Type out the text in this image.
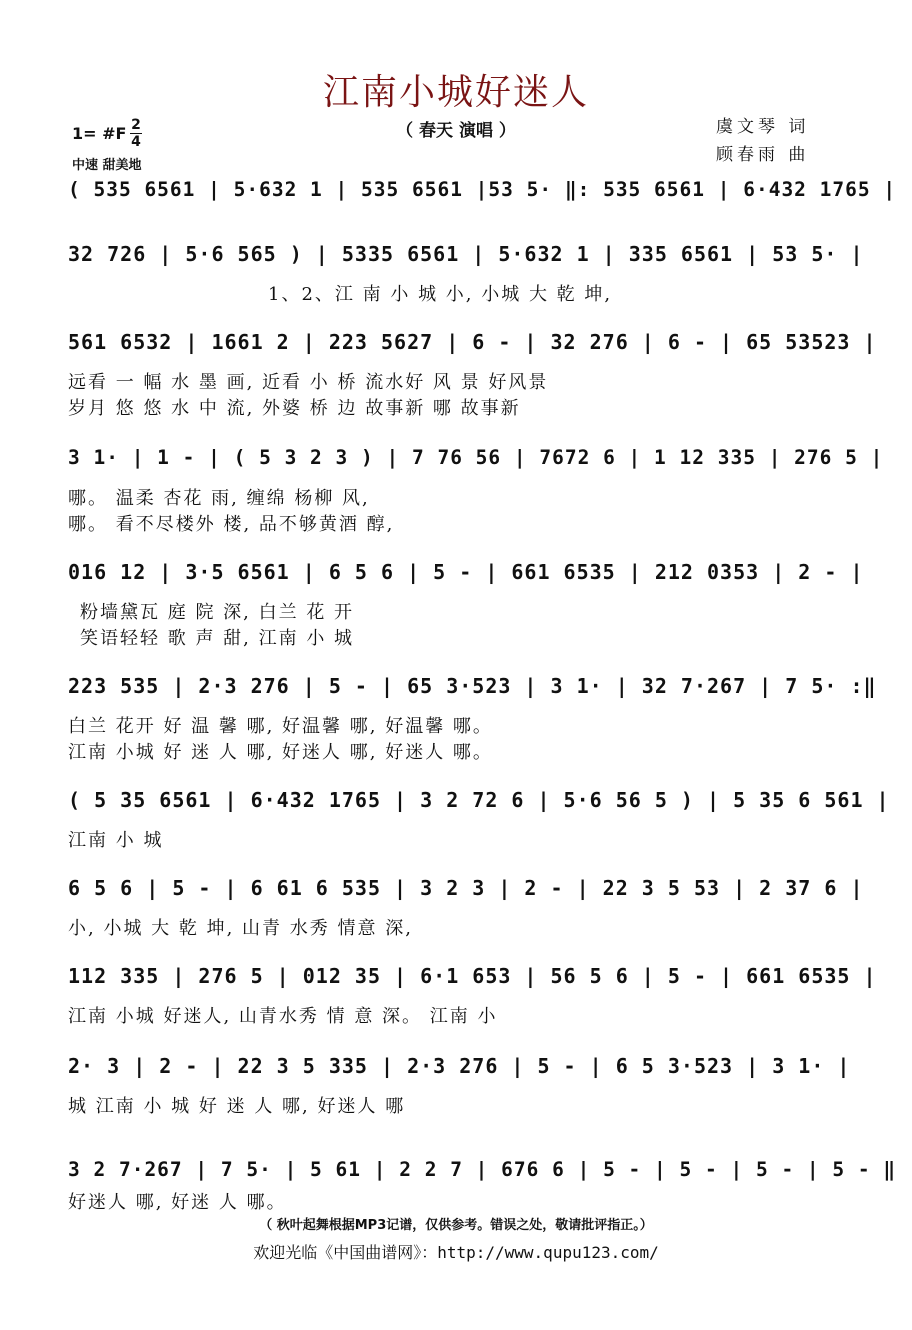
江南小城好迷人
（ 春天 演唱 ）	虞文琴 词
顾春雨 曲
1= #F 2
4
中速 甜美地
( 535 6561 | 5·632 1 | 535 6561 |53 5· ‖: 535 6561 | 6·432 1765 |
32 726 | 5·6 565 ) | 5335 6561 | 5·632 1 | 335 6561 | 53 5· |
1、2、江 南 小 城 小, 小城 大 乾 坤,
561 6532 | 1661 2 | 223 5627 | 6 - | 32 276 | 6 - | 65 53523 |
远看 一 幅 水 墨 画, 近看 小 桥 流水好 风 景 好风景
岁月 悠 悠 水 中 流, 外婆 桥 边 故事新 哪 故事新
3 1· | 1 - | ( 5 3 2 3 ) | 7 76 56 | 7672 6 | 1 12 335 | 276 5 |
哪。 温柔 杏花 雨, 缠绵 杨柳 风,
哪。 看不尽楼外 楼, 品不够黄酒 醇,
016 12 | 3·5 6561 | 6 5 6 | 5 - | 661 6535 | 212 0353 | 2 - |
粉墙黛瓦 庭 院 深, 白兰 花 开
笑语轻轻 歌 声 甜, 江南 小 城
223 535 | 2·3 276 | 5 - | 65 3·523 | 3 1· | 32 7·267 | 7 5· :‖
白兰 花开 好 温 馨 哪, 好温馨 哪, 好温馨 哪。
江南 小城 好 迷 人 哪, 好迷人 哪, 好迷人 哪。
( 5 35 6561 | 6·432 1765 | 3 2 72 6 | 5·6 56 5 ) | 5 35 6 561 |
江南 小 城
6 5 6 | 5 - | 6 61 6 535 | 3 2 3 | 2 - | 22 3 5 53 | 2 37 6 |
小, 小城 大 乾 坤, 山青 水秀 情意 深,
112 335 | 276 5 | 012 35 | 6·1 653 | 56 5 6 | 5 - | 661 6535 |
江南 小城 好迷人, 山青水秀 情 意 深。 江南 小
2· 3 | 2 - | 22 3 5 335 | 2·3 276 | 5 - | 6 5 3·523 | 3 1· |
城 江南 小 城 好 迷 人 哪, 好迷人 哪
3 2 7·267 | 7 5· | 5 61 | 2 2 7 | 676 6 | 5 - | 5 - | 5 - | 5 - ‖
好迷人 哪, 好迷 人 哪。
（ 秋叶起舞根据MP3记谱，仅供参考。错误之处，敬请批评指正。）
欢迎光临《中国曲谱网》：http://www.qupu123.com/
